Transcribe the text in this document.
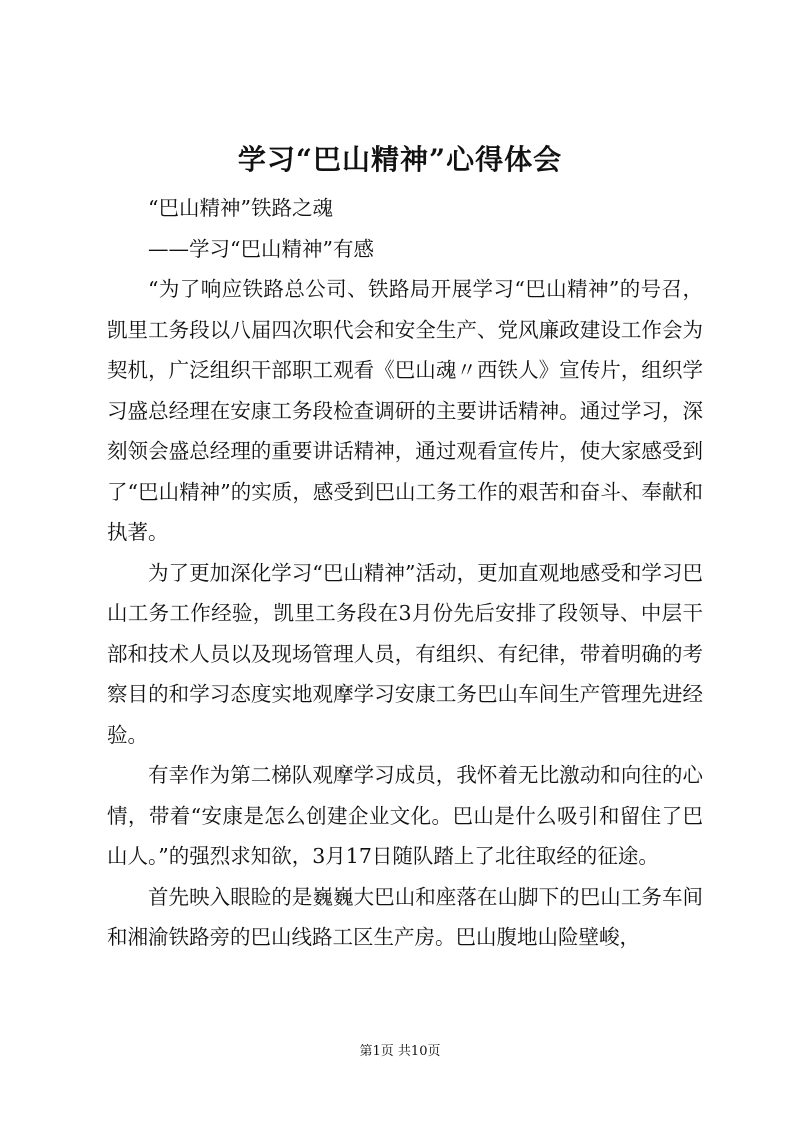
学习“巴山精神”心得体会

“巴山精神”铁路之魂

——学习“巴山精神”有感

“为了响应铁路总公司、铁路局开展学习“巴山精神”的号召，凯里工务段以八届四次职代会和安全生产、党风廉政建设工作会为契机，广泛组织干部职工观看《巴山魂〃西铁人》宣传片，组织学习盛总经理在安康工务段检查调研的主要讲话精神。通过学习，深刻领会盛总经理的重要讲话精神，通过观看宣传片，使大家感受到了“巴山精神”的实质，感受到巴山工务工作的艰苦和奋斗、奉献和执著。

为了更加深化学习“巴山精神”活动，更加直观地感受和学习巴山工务工作经验，凯里工务段在3月份先后安排了段领导、中层干部和技术人员以及现场管理人员，有组织、有纪律，带着明确的考察目的和学习态度实地观摩学习安康工务巴山车间生产管理先进经验。

有幸作为第二梯队观摩学习成员，我怀着无比激动和向往的心情，带着“安康是怎么创建企业文化。巴山是什么吸引和留住了巴山人。”的强烈求知欲，3月17日随队踏上了北往取经的征途。

首先映入眼睑的是巍巍大巴山和座落在山脚下的巴山工务车间和湘渝铁路旁的巴山线路工区生产房。巴山腹地山险壁峻，

第1页 共10页
